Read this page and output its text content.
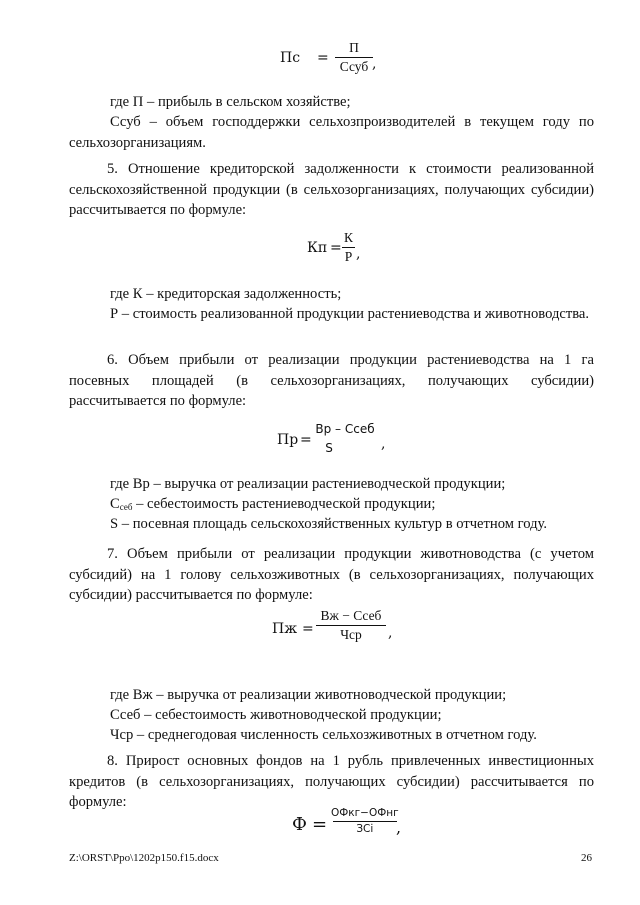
Пс =
П
Ссуб ,

где П – прибыль в сельском хозяйстве;

Ссуб – объем господдержки сельхозпроизводителей в текущем году по сельхозорганизациям.

5. Отношение кредиторской задолженности к стоимости реализованной сельскохозяйственной продукции (в сельхозорганизациях, получающих субсидии) рассчитывается по формуле:

Кп =
К
Р ,

где К – кредиторская задолженность;

Р – стоимость реализованной продукции растениеводства и животноводства.

6. Объем прибыли от реализации продукции растениеводства на 1 га посевных площадей (в сельхозорганизациях, получающих субсидии) рассчитывается по формуле:

Пр =
Вр – Ссеб
S	,

где Вр – выручка от реализации растениеводческой продукции;

$С_{себ}$ – себестоимость растениеводческой продукции;

S – посевная площадь сельскохозяйственных культур в отчетном году.

7. Объем прибыли от реализации продукции животноводства (с учетом субсидий) на 1 голову сельхозживотных (в сельхозорганизациях, получающих субсидии) рассчитывается по формуле:

Пж =
Вж − Ссеб
Чср ,

где Вж – выручка от реализации животноводческой продукции;

Ссеб – себестоимость животноводческой продукции;

Чср – среднегодовая численность сельхозживотных в отчетном году.

8. Прирост основных фондов на 1 рубль привлеченных инвестиционных кредитов (в сельхозорганизациях, получающих субсидии) рассчитывается по формуле:

Ф =
ОФкг−ОФнг
ЗСі ,
Z:\ORST\Ppo\1202p150.f15.docx	26
